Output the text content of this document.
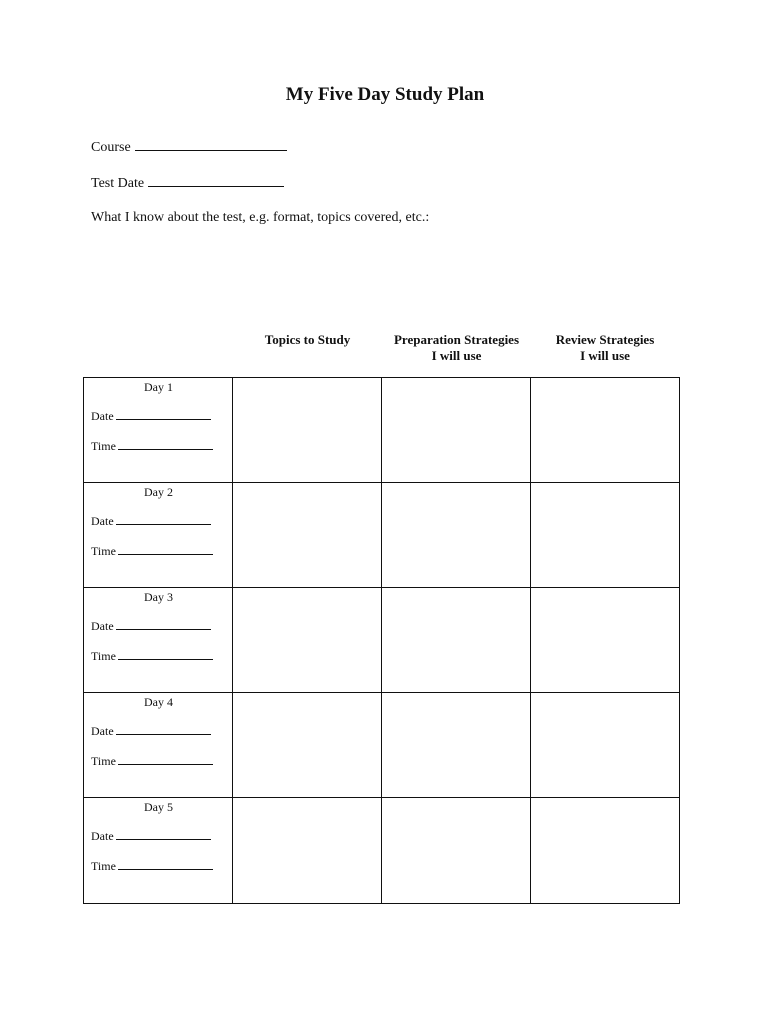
My Five Day Study Plan
Course
Test Date
What I know about the test, e.g. format, topics covered, etc.:
Topics to Study	Preparation Strategies
I will use
Review Strategies
I will use
Day 1
Date
Time
Day 2
Date
Time
Day 3
Date
Time
Day 4
Date
Time
Day 5
Date
Time
